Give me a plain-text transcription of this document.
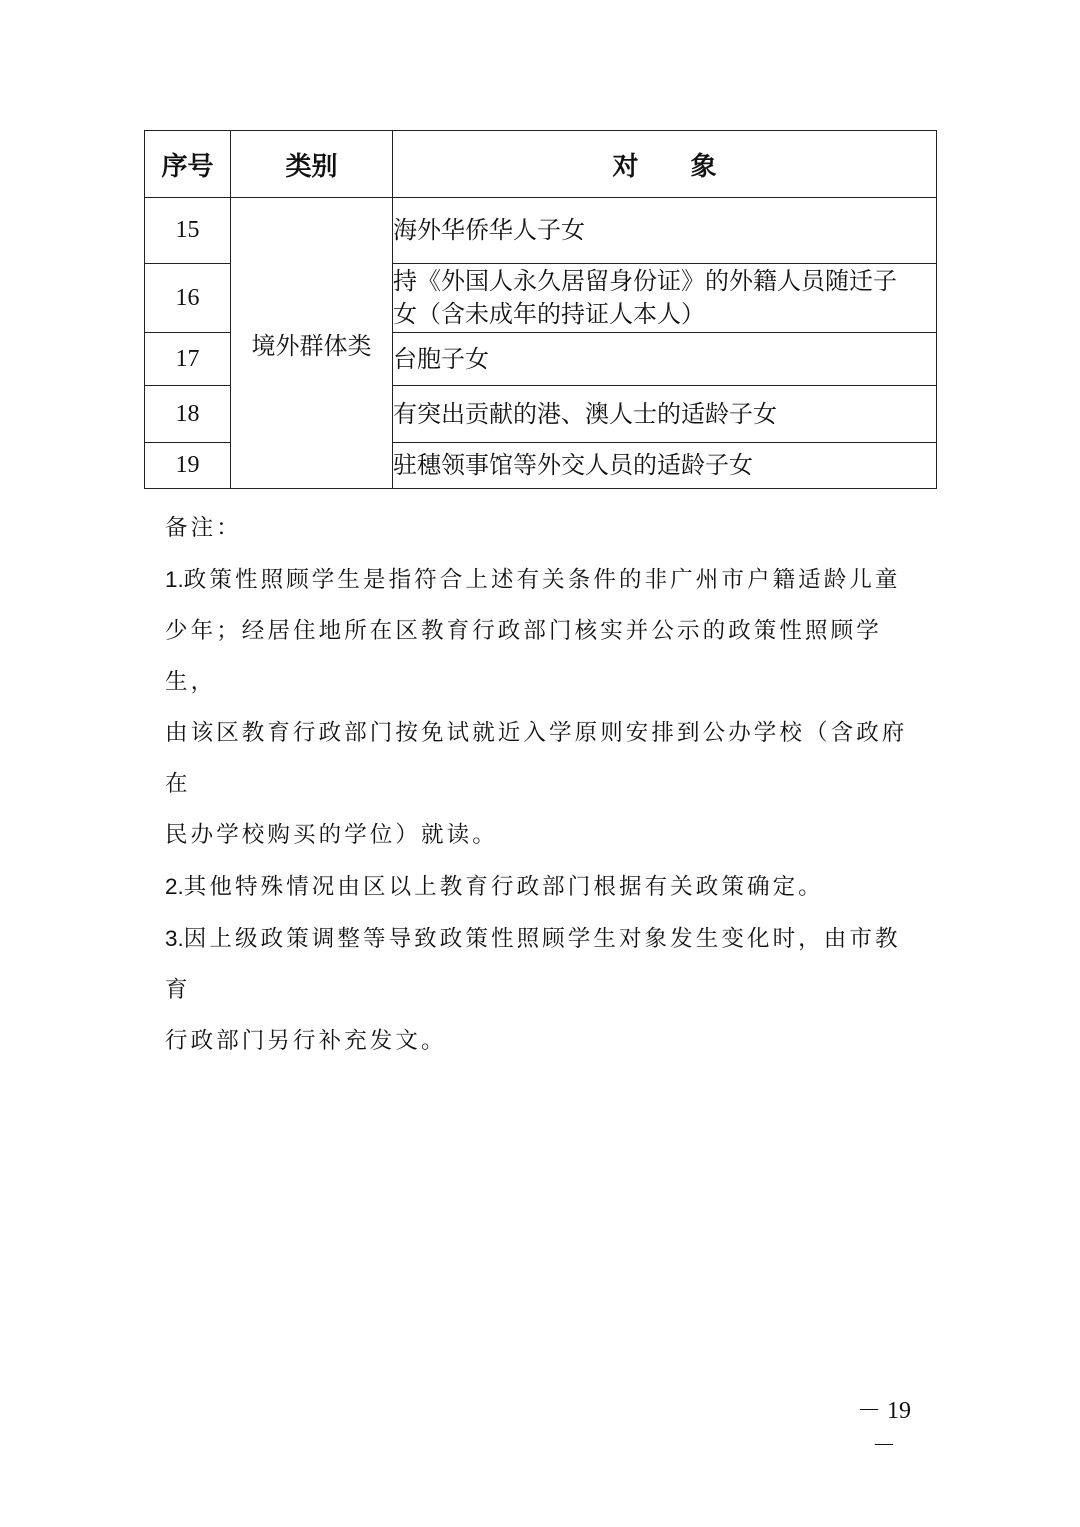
序号	类别	对　　象
15	境外群体类	海外华侨华人子女
16		持《外国人永久居留身份证》的外籍人员随迁子
女（含未成年的持证人本人）

17		台胞子女
18		有突出贡献的港、澳人士的适龄子女
19		驻穗领事馆等外交人员的适龄子女

备注：

1.政策性照顾学生是指符合上述有关条件的非广州市户籍适龄儿童

少年；经居住地所在区教育行政部门核实并公示的政策性照顾学生，

由该区教育行政部门按免试就近入学原则安排到公办学校（含政府在

民办学校购买的学位）就读。

2.其他特殊情况由区以上教育行政部门根据有关政策确定。

3.因上级政策调整等导致政策性照顾学生对象发生变化时，由市教育

行政部门另行补充发文。

－ 19 －
